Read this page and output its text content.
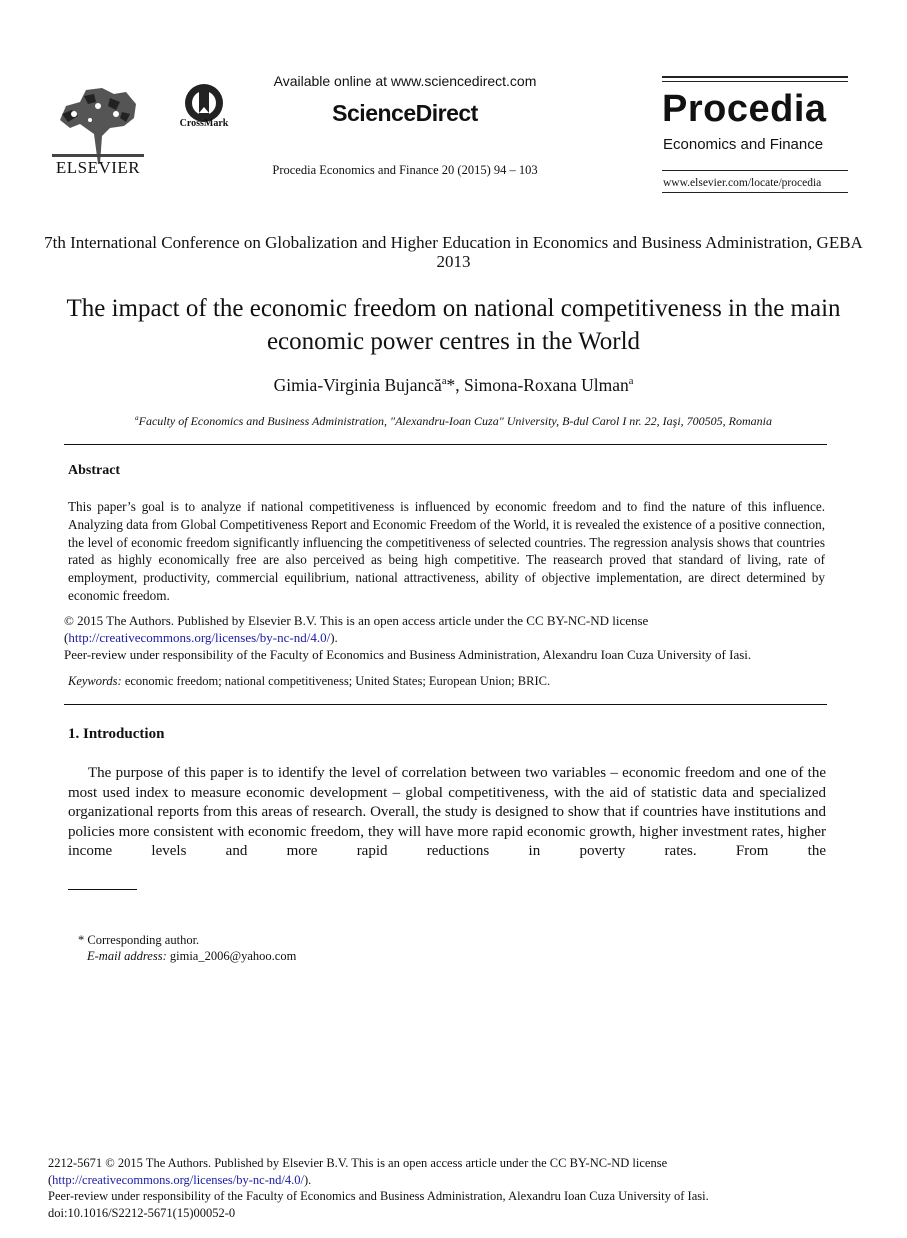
ELSEVIER
CrossMark
Available online at www.sciencedirect.com
ScienceDirect
Procedia Economics and Finance 20 (2015) 94 – 103
Procedia
Economics and Finance
www.elsevier.com/locate/procedia
7th International Conference on Globalization and Higher Education in Economics and Business Administration, GEBA 2013
The impact of the economic freedom on national competitiveness in the main economic power centres in the World
Gimia-Virginia Bujancă$^a$*, Simona-Roxana Ulman$^a$
$^a$Faculty of Economics and Business Administration, "Alexandru-Ioan Cuza" University, B-dul Carol I nr. 22, Iaşi, 700505, Romania
Abstract
This paper’s goal is to analyze if national competitiveness is influenced by economic freedom and to find the nature of this influence. Analyzing data from Global Competitiveness Report and Economic Freedom of the World, it is revealed the existence of a positive connection, the level of economic freedom significantly influencing the competitiveness of selected countries. The regression analysis shows that countries rated as highly economically free are also perceived as being high competitive. The reasearch proved that standard of living, rate of employment, productivity, commercial equilibrium, national attractiveness, ability of objective implementation, are direct determined by economic freedom.
© 2015 The Authors. Published by Elsevier B.V. This is an open access article under the CC BY-NC-ND license
(http://creativecommons.org/licenses/by-nc-nd/4.0/).
Peer-review under responsibility of the Faculty of Economics and Business Administration, Alexandru Ioan Cuza University of Iasi.
Keywords: economic freedom; national competitiveness; United States; European Union; BRIC.
1. Introduction

The purpose of this paper is to identify the level of correlation between two variables – economic freedom and one of the most used index to measure economic development – global competitiveness, with the aid of statistic data and specialized organizational reports from this areas of research. Overall, the study is designed to show that if countries have institutions and policies more consistent with economic freedom, they will have more rapid economic growth, higher investment rates, higher income levels and more rapid reductions in poverty rates. From the

* Corresponding author.
E-mail address: gimia_2006@yahoo.com
2212-5671 © 2015 The Authors. Published by Elsevier B.V. This is an open access article under the CC BY-NC-ND license
(http://creativecommons.org/licenses/by-nc-nd/4.0/).
Peer-review under responsibility of the Faculty of Economics and Business Administration, Alexandru Ioan Cuza University of Iasi.
doi:10.1016/S2212-5671(15)00052-0
